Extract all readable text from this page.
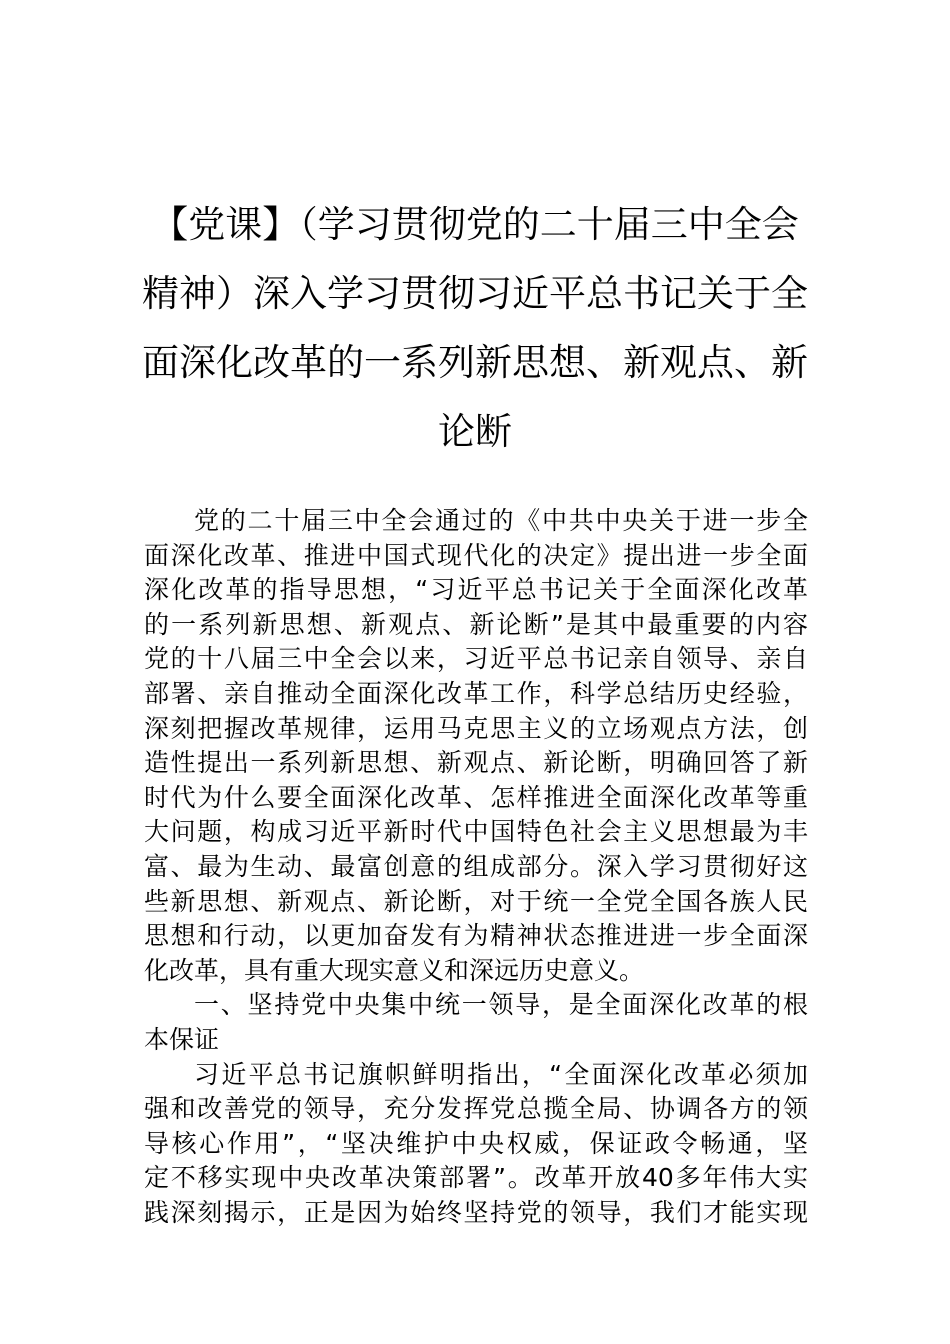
【党课】（学习贯彻党的二十届三中全会
精神）深入学习贯彻习近平总书记关于全
面深化改革的一系列新思想、新观点、新
论断
党的二十届三中全会通过的《中共中央关于进一步全
面深化改革、推进中国式现代化的决定》提出进一步全面
深化改革的指导思想，“习近平总书记关于全面深化改革
的一系列新思想、新观点、新论断”是其中最重要的内容
党的十八届三中全会以来，习近平总书记亲自领导、亲自
部署、亲自推动全面深化改革工作，科学总结历史经验，
深刻把握改革规律，运用马克思主义的立场观点方法，创
造性提出一系列新思想、新观点、新论断，明确回答了新
时代为什么要全面深化改革、怎样推进全面深化改革等重
大问题，构成习近平新时代中国特色社会主义思想最为丰
富、最为生动、最富创意的组成部分。深入学习贯彻好这
些新思想、新观点、新论断，对于统一全党全国各族人民
思想和行动，以更加奋发有为精神状态推进进一步全面深
化改革，具有重大现实意义和深远历史意义。
一、坚持党中央集中统一领导，是全面深化改革的根
本保证
习近平总书记旗帜鲜明指出，“全面深化改革必须加
强和改善党的领导，充分发挥党总揽全局、协调各方的领
导核心作用”，“坚决维护中央权威，保证政令畅通，坚
定不移实现中央改革决策部署”。改革开放40多年伟大实
践深刻揭示，正是因为始终坚持党的领导，我们才能实现
